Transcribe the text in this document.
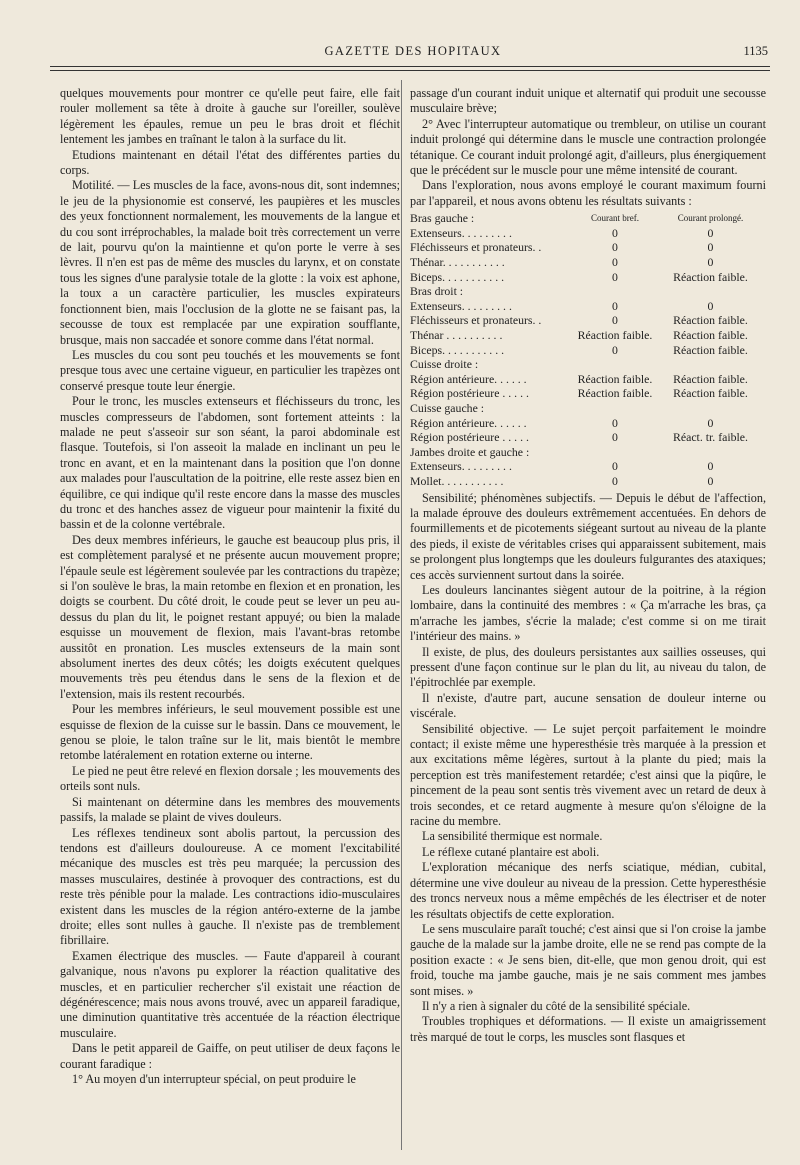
GAZETTE DES HOPITAUX	1135

quelques mouvements pour montrer ce qu'elle peut faire, elle fait rouler mollement sa tête à droite à gauche sur l'oreiller, soulève légèrement les épaules, remue un peu le bras droit et fléchit lentement les jambes en traînant le talon à la surface du lit.

Etudions maintenant en détail l'état des différentes parties du corps.

Motilité. — Les muscles de la face, avons-nous dit, sont indemnes; le jeu de la physionomie est conservé, les paupières et les muscles des yeux fonctionnent normalement, les mouvements de la langue et du cou sont irréprochables, la malade boit très correctement un verre de lait, pourvu qu'on la maintienne et qu'on porte le verre à ses lèvres. Il n'en est pas de même des muscles du larynx, et on constate tous les signes d'une paralysie totale de la glotte : la voix est aphone, la toux a un caractère particulier, les muscles expirateurs fonctionnent bien, mais l'occlusion de la glotte ne se faisant pas, la secousse de toux est remplacée par une expiration soufflante, brusque, mais non saccadée et sonore comme dans l'état normal.

Les muscles du cou sont peu touchés et les mouvements se font presque tous avec une certaine vigueur, en particulier les trapèzes ont conservé presque toute leur énergie.

Pour le tronc, les muscles extenseurs et fléchisseurs du tronc, les muscles compresseurs de l'abdomen, sont fortement atteints : la malade ne peut s'asseoir sur son séant, la paroi abdominale est flasque. Toutefois, si l'on asseoit la malade en inclinant un peu le tronc en avant, et en la maintenant dans la position que l'on donne aux malades pour l'auscultation de la poitrine, elle reste assez bien en équilibre, ce qui indique qu'il reste encore dans la masse des muscles du tronc et des hanches assez de vigueur pour maintenir la fixité du bassin et de la colonne vertébrale.

Des deux membres inférieurs, le gauche est beaucoup plus pris, il est complètement paralysé et ne présente aucun mouvement propre; l'épaule seule est légèrement soulevée par les contractions du trapèze; si l'on soulève le bras, la main retombe en flexion et en pronation, les doigts se courbent. Du côté droit, le coude peut se lever un peu au-dessus du plan du lit, le poignet restant appuyé; ou bien la malade esquisse un mouvement de flexion, mais l'avant-bras retombe aussitôt en pronation. Les muscles extenseurs de la main sont absolument inertes des deux côtés; les doigts exécutent quelques mouvements très peu étendus dans le sens de la flexion et de l'extension, mais ils restent recourbés.

Pour les membres inférieurs, le seul mouvement possible est une esquisse de flexion de la cuisse sur le bassin. Dans ce mouvement, le genou se ploie, le talon traîne sur le lit, mais bientôt le membre retombe latéralement en rotation externe ou interne.

Le pied ne peut être relevé en flexion dorsale ; les mouvements des orteils sont nuls.

Si maintenant on détermine dans les membres des mouvements passifs, la malade se plaint de vives douleurs.

Les réflexes tendineux sont abolis partout, la percussion des tendons est d'ailleurs douloureuse. A ce moment l'excitabilité mécanique des muscles est très peu marquée; la percussion des masses musculaires, destinée à provoquer des contractions, est du reste très pénible pour la malade. Les contractions idio-musculaires existent dans les muscles de la région antéro-externe de la jambe droite; elles sont nulles à gauche. Il n'existe pas de tremblement fibrillaire.

Examen électrique des muscles. — Faute d'appareil à courant galvanique, nous n'avons pu explorer la réaction qualitative des muscles, et en particulier rechercher s'il existait une réaction de dégénérescence; mais nous avons trouvé, avec un appareil faradique, une diminution quantitative très accentuée de la réaction électrique musculaire.

Dans le petit appareil de Gaiffe, on peut utiliser de deux façons le courant faradique :

1° Au moyen d'un interrupteur spécial, on peut produire le

passage d'un courant induit unique et alternatif qui produit une secousse musculaire brève;

2° Avec l'interrupteur automatique ou trembleur, on utilise un courant induit prolongé qui détermine dans le muscle une contraction prolongée tétanique. Ce courant induit prolongé agit, d'ailleurs, plus énergiquement que le précédent sur le muscle pour une même intensité de courant.

Dans l'exploration, nous avons employé le courant maximum fourni par l'appareil, et nous avons obtenu les résultats suivants :

Bras gauche :	Courant bref.	Courant prolongé.
Extenseurs. . . . . . . . .	0	0
Fléchisseurs et pronateurs. .	0	0
Thénar. . . . . . . . . . .	0	0
Biceps. . . . . . . . . . .	0	Réaction faible.
Bras droit :		
Extenseurs. . . . . . . . .	0	0
Fléchisseurs et pronateurs. .	0	Réaction faible.
Thénar . . . . . . . . . .	Réaction faible.	Réaction faible.
Biceps. . . . . . . . . . .	0	Réaction faible.
Cuisse droite :		
Région antérieure. . . . . .	Réaction faible.	Réaction faible.
Région postérieure . . . . .	Réaction faible.	Réaction faible.
Cuisse gauche :		
Région antérieure. . . . . .	0	0
Région postérieure . . . . .	0	Réact. tr. faible.
Jambes droite et gauche :		
Extenseurs. . . . . . . . .	0	0
Mollet. . . . . . . . . . .	0	0

Sensibilité; phénomènes subjectifs. — Depuis le début de l'affection, la malade éprouve des douleurs extrêmement accentuées. En dehors de fourmillements et de picotements siégeant surtout au niveau de la plante des pieds, il existe de véritables crises qui apparaissent subitement, mais se prolongent plus longtemps que les douleurs fulgurantes des ataxiques; ces accès surviennent surtout dans la soirée.

Les douleurs lancinantes siègent autour de la poitrine, à la région lombaire, dans la continuité des membres : « Ça m'arrache les bras, ça m'arrache les jambes, s'écrie la malade; c'est comme si on me tirait l'intérieur des mains. »

Il existe, de plus, des douleurs persistantes aux saillies osseuses, qui pressent d'une façon continue sur le plan du lit, au niveau du talon, de l'épitrochlée par exemple.

Il n'existe, d'autre part, aucune sensation de douleur interne ou viscérale.

Sensibilité objective. — Le sujet perçoit parfaitement le moindre contact; il existe même une hyperesthésie très marquée à la pression et aux excitations même légères, surtout à la plante du pied; mais la perception est très manifestement retardée; c'est ainsi que la piqûre, le pincement de la peau sont sentis très vivement avec un retard de deux à trois secondes, et ce retard augmente à mesure qu'on s'éloigne de la racine du membre.

La sensibilité thermique est normale.

Le réflexe cutané plantaire est aboli.

L'exploration mécanique des nerfs sciatique, médian, cubital, détermine une vive douleur au niveau de la pression. Cette hyperesthésie des troncs nerveux nous a même empêchés de les électriser et de noter les résultats objectifs de cette exploration.

Le sens musculaire paraît touché; c'est ainsi que si l'on croise la jambe gauche de la malade sur la jambe droite, elle ne se rend pas compte de la position exacte : « Je sens bien, dit-elle, que mon genou droit, qui est froid, touche ma jambe gauche, mais je ne sais comment mes jambes sont mises. »

Il n'y a rien à signaler du côté de la sensibilité spéciale.

Troubles trophiques et déformations. — Il existe un amaigrissement très marqué de tout le corps, les muscles sont flasques et
